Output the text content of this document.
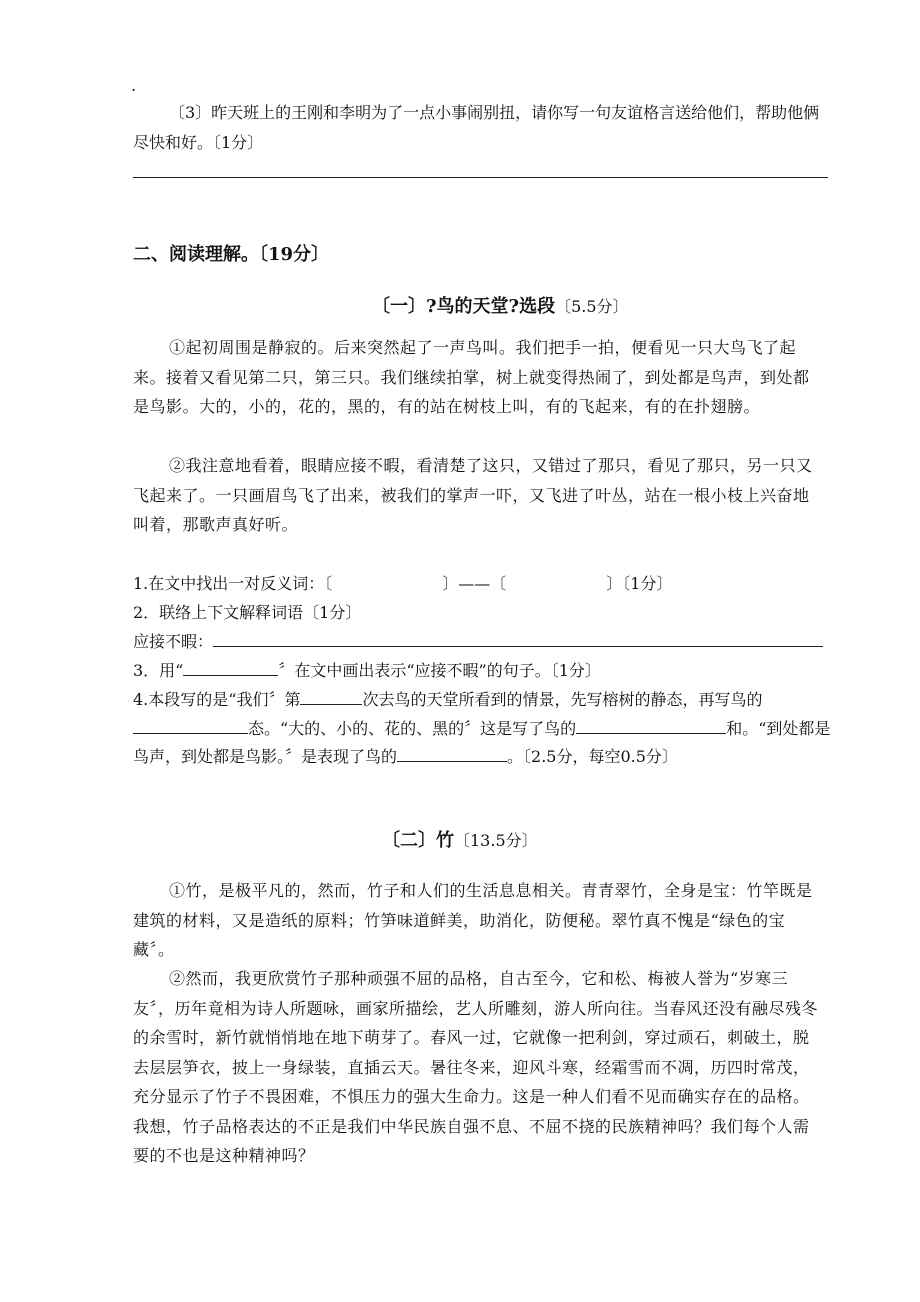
.
〔3〕昨天班上的王刚和李明为了一点小事闹别扭，请你写一句友谊格言送给他们，帮助他俩尽快和好。〔1分〕
二、阅读理解。〔19分〕
〔一〕?鸟的天堂?选段〔5.5分〕
①起初周围是静寂的。后来突然起了一声鸟叫。我们把手一拍，便看见一只大鸟飞了起来。接着又看见第二只，第三只。我们继续拍掌，树上就变得热闹了，到处都是鸟声，到处都是鸟影。大的，小的，花的，黑的，有的站在树枝上叫，有的飞起来，有的在扑翅膀。
②我注意地看着，眼睛应接不暇，看清楚了这只，又错过了那只，看见了那只，另一只又飞起来了。一只画眉鸟飞了出来，被我们的掌声一吓，又飞进了叶丛，站在一根小枝上兴奋地叫着，那歌声真好听。
1.在文中找出一对反义词：〔	〕——〔	〕〔1分〕
2．联络上下文解释词语〔1分〕
应接不暇：
3．用“	〞在文中画出表示“应接不暇”的句子。〔1分〕
4.本段写的是“我们〞第	次去鸟的天堂所看到的情景，先写榕树的静态，再写鸟的态。“大的、小的、花的、黑的〞这是写了鸟的	和。“到处都是鸟声，到处都是鸟影。〞是表现了鸟的	。〔2.5分，每空0.5分〕
〔二〕竹〔13.5分〕
①竹，是极平凡的，然而，竹子和人们的生活息息相关。青青翠竹，全身是宝：竹竿既是建筑的材料，又是造纸的原料；竹笋味道鲜美，助消化，防便秘。翠竹真不愧是“绿色的宝藏〞。
②然而，我更欣赏竹子那种顽强不屈的品格，自古至今，它和松、梅被人誉为“岁寒三友〞，历年竟相为诗人所题咏，画家所描绘，艺人所雕刻，游人所向往。当春风还没有融尽残冬的余雪时，新竹就悄悄地在地下萌芽了。春风一过，它就像一把利剑，穿过顽石，刺破土，脱去层层笋衣，披上一身绿装，直插云天。暑往冬来，迎风斗寒，经霜雪而不凋，历四时常茂，充分显示了竹子不畏困难，不惧压力的强大生命力。这是一种人们看不见而确实存在的品格。我想，竹子品格表达的不正是我们中华民族自强不息、不屈不挠的民族精神吗？我们每个人需要的不也是这种精神吗？
